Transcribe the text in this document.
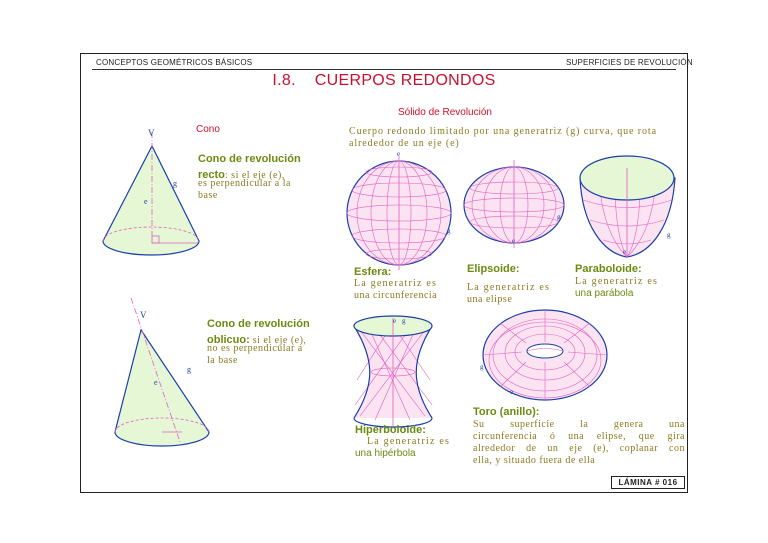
CONCEPTOS GEOMÉTRICOS BÁSICOS	SUPERFICIES DE REVOLUCIÓN
I.8.    CUERPOS REDONDOS
Cono
V
e
g
Cono de revolución
recto: si el eje (e),
es perpendicular a la
base
V
e
g
Cono de revolución
oblicuo: si el eje (e),
no es perpendicular a
la base
Sólido de Revolución
Cuerpo redondo limitado por una generatriz (g) curva, que rota
alrededor de un eje (e)
e
g
e
g
e
g
e g
g
e
Esfera:
La generatriz es
una circunferencia
Elipsoide:
La generatriz es
una elipse
Paraboloide:
La generatriz es
una parábola
Hiperboloide:
La generatriz es
una hipérbola
Toro (anillo):
Su superficie la genera una
circunferencia ó una elipse, que gira
alrededor de un eje (e), coplanar con
ella, y situado fuera de ella
LÁMINA # 016
